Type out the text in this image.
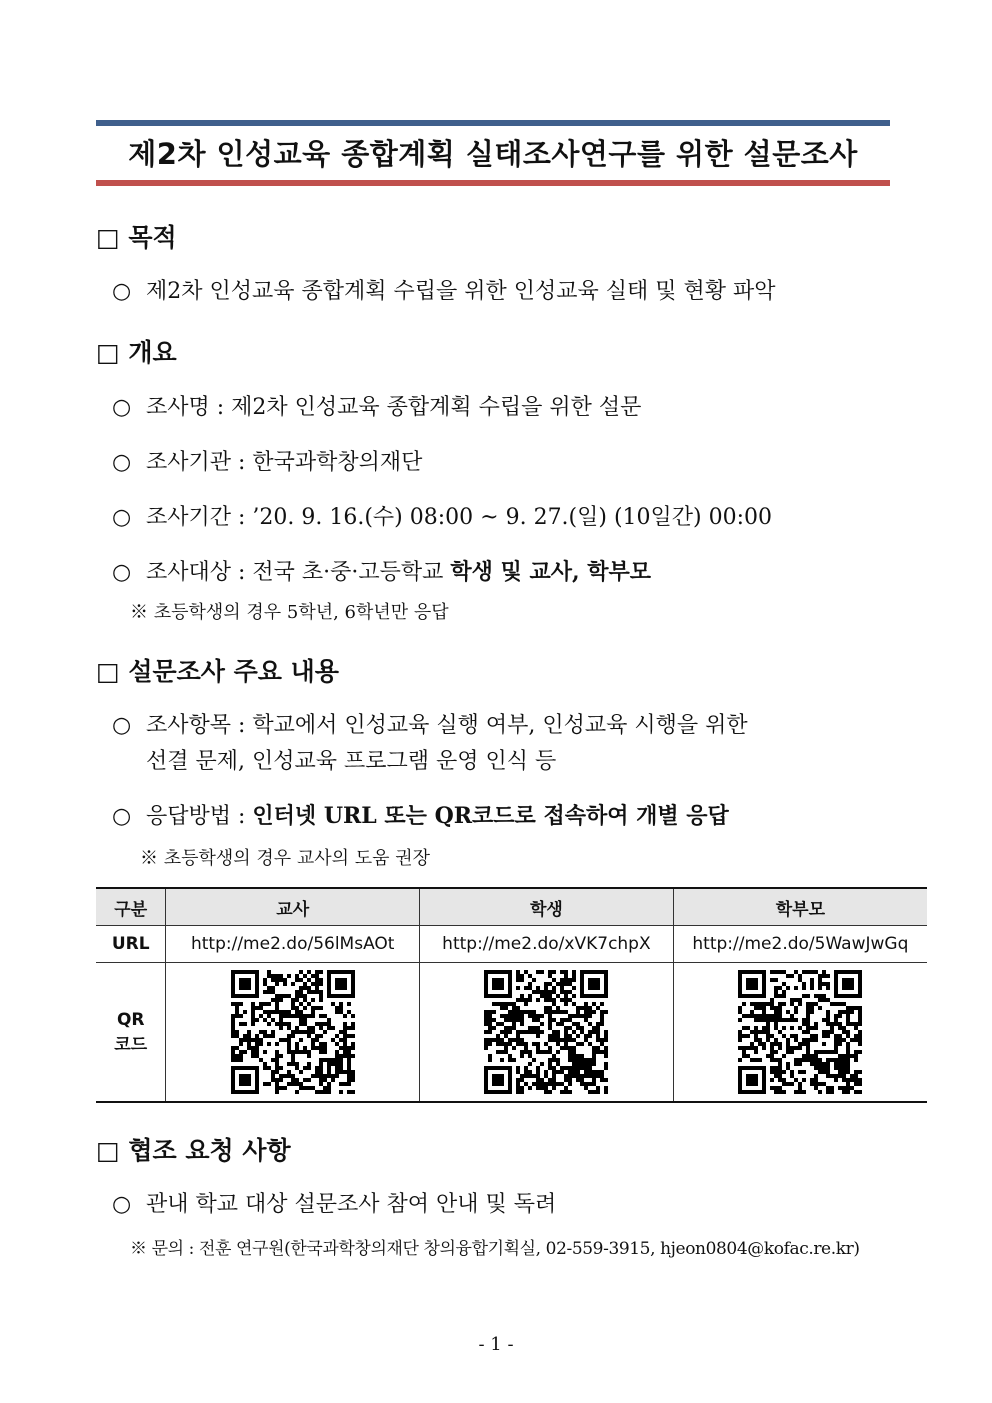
제2차 인성교육 종합계획 실태조사연구를 위한 설문조사
□ 목적
○ 제2차 인성교육 종합계획 수립을 위한 인성교육 실태 및 현황 파악
□ 개요
○ 조사명 : 제2차 인성교육 종합계획 수립을 위한 설문
○ 조사기관 : 한국과학창의재단
○ 조사기간 : ’20. 9. 16.(수) 08:00 ~ 9. 27.(일) (10일간) 00:00
○ 조사대상 : 전국 초·중·고등학교 학생 및 교사, 학부모
※ 초등학생의 경우 5학년, 6학년만 응답
□ 설문조사 주요 내용
○ 조사항목 : 학교에서 인성교육 실행 여부, 인성교육 시행을 위한
선결 문제, 인성교육 프로그램 운영 인식 등
○ 응답방법 : 인터넷 URL 또는 QR코드로 접속하여 개별 응답
※ 초등학생의 경우 교사의 도움 권장
구분	교사	학생	학부모
URL	http://me2.do/56lMsAOt	http://me2.do/xVK7chpX	http://me2.do/5WawJwGq

QR
코드

□ 협조 요청 사항
○ 관내 학교 대상 설문조사 참여 안내 및 독려
※ 문의 : 전훈 연구원(한국과학창의재단 창의융합기획실, 02-559-3915, hjeon0804@kofac.re.kr)
- 1 -
